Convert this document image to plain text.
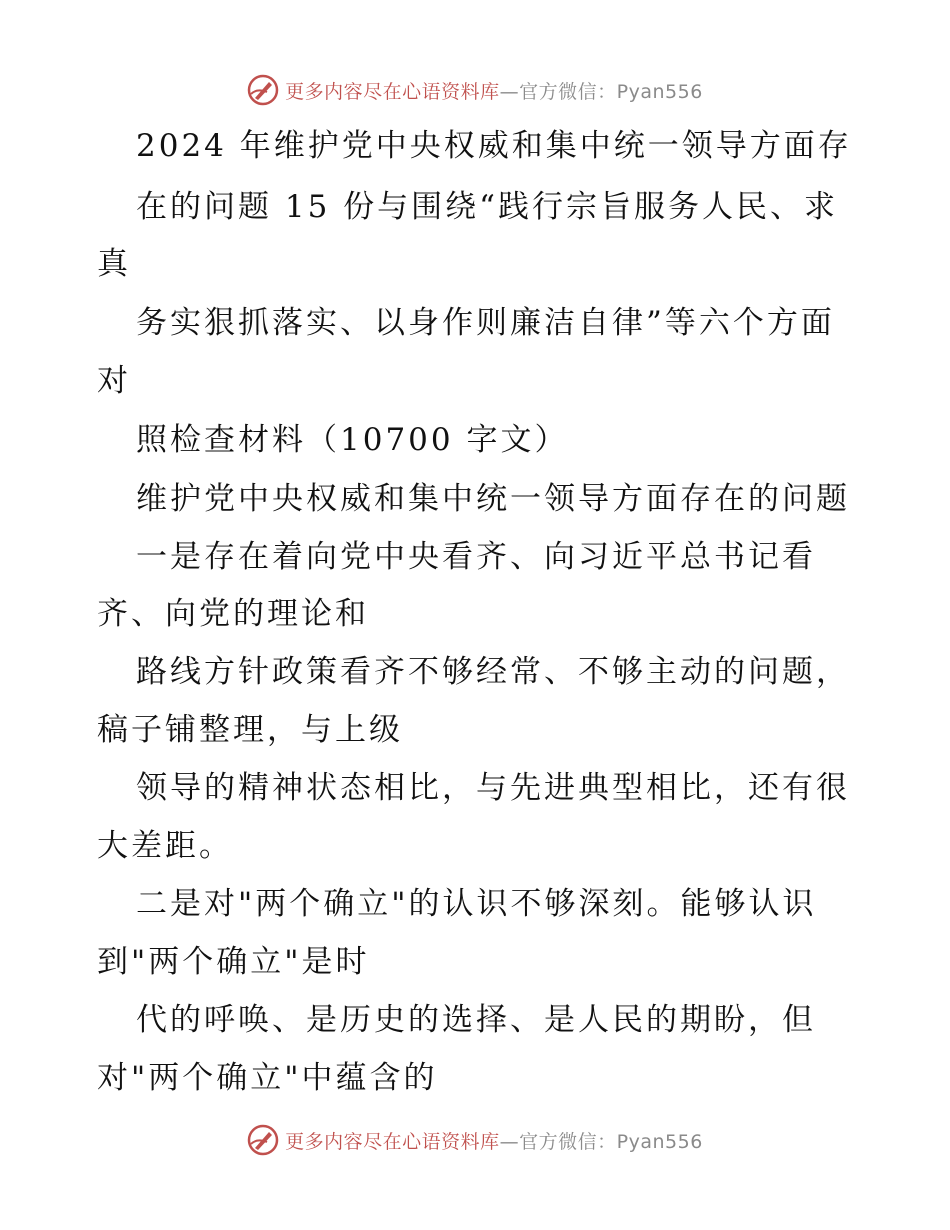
更多内容尽在心语资料库—官方微信：Pyan556
2024 年维护党中央权威和集中统一领导方面存
在的问题 15 份与围绕“践行宗旨服务人民、求
真
务实狠抓落实、以身作则廉洁自律”等六个方面
对
照检查材料（10700 字文）
维护党中央权威和集中统一领导方面存在的问题
一是存在着向党中央看齐、向习近平总书记看
齐、向党的理论和
路线方针政策看齐不够经常、不够主动的问题，
稿子铺整理，与上级
领导的精神状态相比，与先进典型相比，还有很
大差距。
二是对"两个确立"的认识不够深刻。能够认识
到"两个确立"是时
代的呼唤、是历史的选择、是人民的期盼，但
对"两个确立"中蕴含的
更多内容尽在心语资料库—官方微信：Pyan556
